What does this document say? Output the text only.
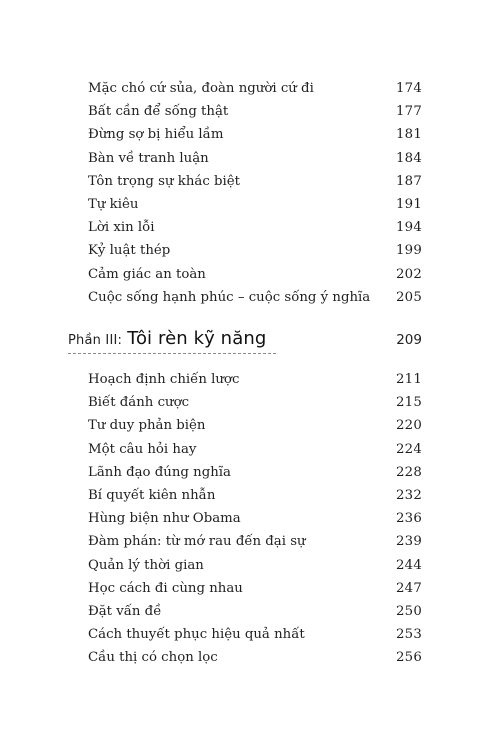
Mặc chó cứ sủa, đoàn người cứ đi	174
Bất cần để sống thật	177
Đừng sợ bị hiểu lầm	181
Bàn về tranh luận	184
Tôn trọng sự khác biệt	187
Tự kiêu	191
Lời xin lỗi	194
Kỷ luật thép	199
Cảm giác an toàn	202
Cuộc sống hạnh phúc – cuộc sống ý nghĩa 205
Phần III: Tôi rèn kỹ năng	209
Hoạch định chiến lược	211
Biết đánh cược	215
Tư duy phản biện	220
Một câu hỏi hay	224
Lãnh đạo đúng nghĩa	228
Bí quyết kiên nhẫn	232
Hùng biện như Obama	236
Đàm phán: từ mớ rau đến đại sự	239
Quản lý thời gian	244
Học cách đi cùng nhau	247
Đặt vấn đề	250
Cách thuyết phục hiệu quả nhất	253
Cầu thị có chọn lọc	256
